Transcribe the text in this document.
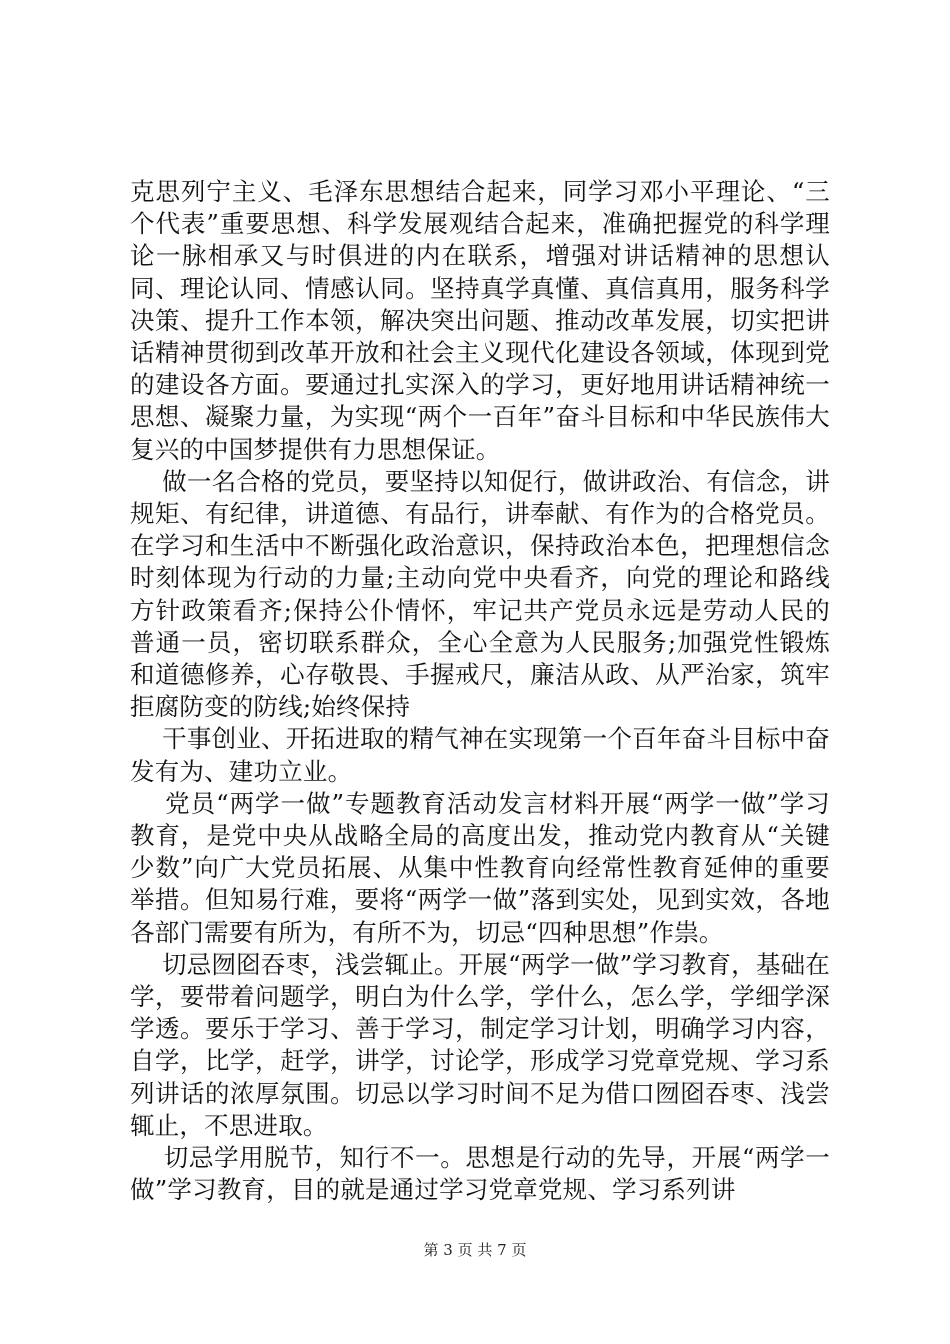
克思列宁主义、毛泽东思想结合起来，同学习邓小平理论、“三个代表”重要思想、科学发展观结合起来，准确把握党的科学理论一脉相承又与时俱进的内在联系，增强对讲话精神的思想认同、理论认同、情感认同。坚持真学真懂、真信真用，服务科学决策、提升工作本领，解决突出问题、推动改革发展，切实把讲话精神贯彻到改革开放和社会主义现代化建设各领域，体现到党的建设各方面。要通过扎实深入的学习，更好地用讲话精神统一思想、凝聚力量，为实现“两个一百年”奋斗目标和中华民族伟大复兴的中国梦提供有力思想保证。

做一名合格的党员，要坚持以知促行，做讲政治、有信念，讲规矩、有纪律，讲道德、有品行，讲奉献、有作为的合格党员。在学习和生活中不断强化政治意识，保持政治本色，把理想信念时刻体现为行动的力量;主动向党中央看齐，向党的理论和路线方针政策看齐;保持公仆情怀，牢记共产党员永远是劳动人民的普通一员，密切联系群众，全心全意为人民服务;加强党性锻炼和道德修养，心存敬畏、手握戒尺，廉洁从政、从严治家，筑牢拒腐防变的防线;始终保持

干事创业、开拓进取的精气神在实现第一个百年奋斗目标中奋发有为、建功立业。

党员“两学一做”专题教育活动发言材料开展“两学一做”学习教育，是党中央从战略全局的高度出发，推动党内教育从“关键少数”向广大党员拓展、从集中性教育向经常性教育延伸的重要举措。但知易行难，要将“两学一做”落到实处，见到实效，各地各部门需要有所为，有所不为，切忌“四种思想”作祟。

切忌囫囵吞枣，浅尝辄止。开展“两学一做”学习教育，基础在学，要带着问题学，明白为什么学，学什么，怎么学，学细学深学透。要乐于学习、善于学习，制定学习计划，明确学习内容，自学，比学，赶学，讲学，讨论学，形成学习党章党规、学习系列讲话的浓厚氛围。切忌以学习时间不足为借口囫囵吞枣、浅尝辄止，不思进取。

切忌学用脱节，知行不一。思想是行动的先导，开展“两学一做”学习教育，目的就是通过学习党章党规、学习系列讲

第 3 页 共 7 页
